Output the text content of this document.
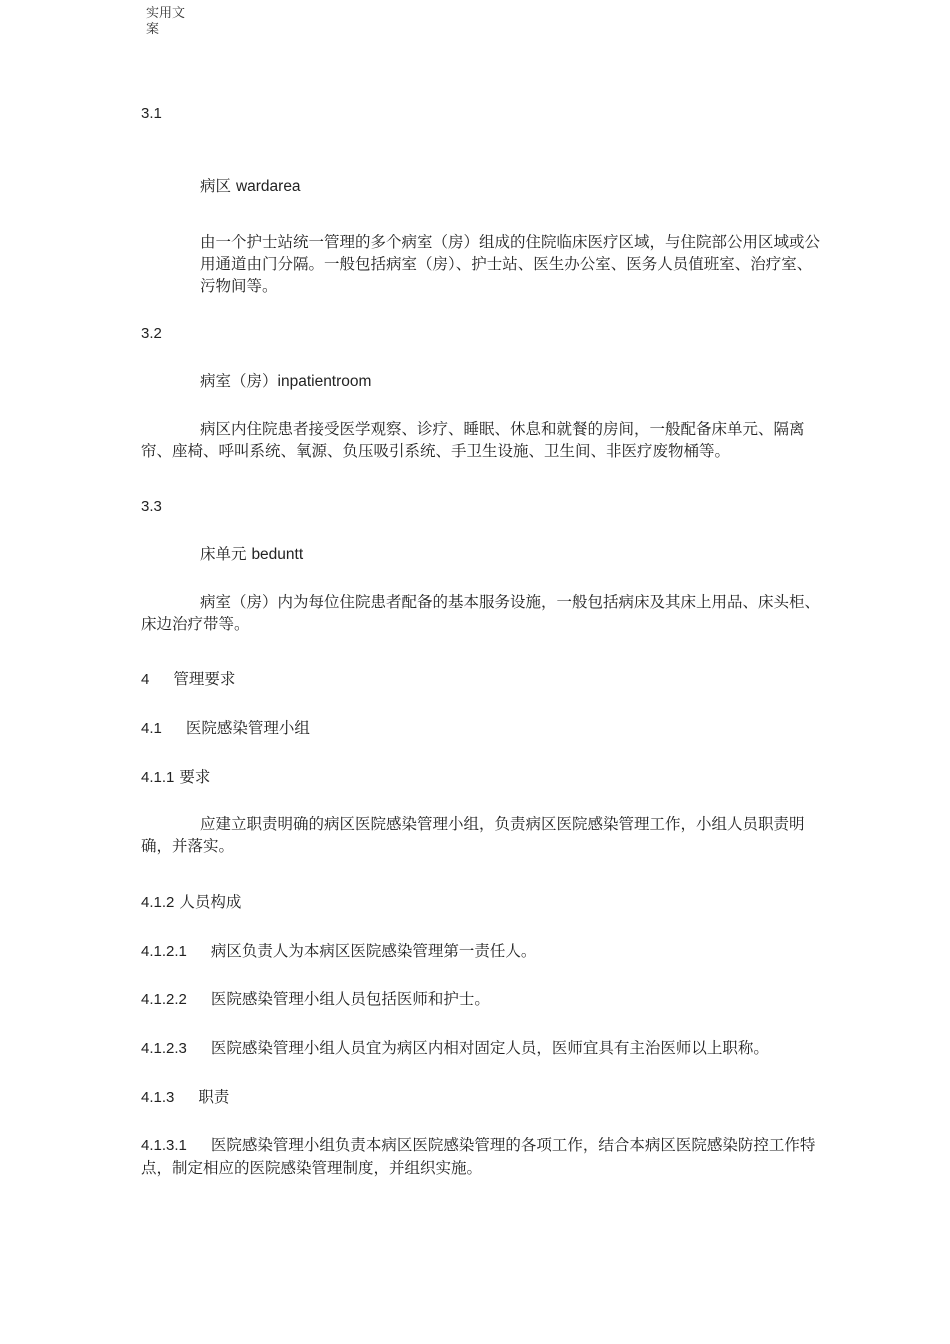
实用文
案
3.1
病区 wardarea
由一个护士站统一管理的多个病室（房）组成的住院临床医疗区域，与住院部公用区域或公用通道由门分隔。一般包括病室（房）、护士站、医生办公室、医务人员值班室、治疗室、污物间等。
3.2
病室（房）inpatientroom
病区内住院患者接受医学观察、诊疗、睡眠、休息和就餐的房间，一般配备床单元、隔离帘、座椅、呼叫系统、氧源、负压吸引系统、手卫生设施、卫生间、非医疗废物桶等。
3.3
床单元 beduntt
病室（房）内为每位住院患者配备的基本服务设施，一般包括病床及其床上用品、床头柜、床边治疗带等。
4 管理要求
4.1 医院感染管理小组
4.1.1 要求
应建立职责明确的病区医院感染管理小组，负责病区医院感染管理工作，小组人员职责明确，并落实。
4.1.2 人员构成
4.1.2.1 病区负责人为本病区医院感染管理第一责任人。
4.1.2.2 医院感染管理小组人员包括医师和护士。
4.1.2.3 医院感染管理小组人员宜为病区内相对固定人员，医师宜具有主治医师以上职称。
4.1.3 职责
4.1.3.1 医院感染管理小组负责本病区医院感染管理的各项工作，结合本病区医院感染防控工作特点，制定相应的医院感染管理制度，并组织实施。
